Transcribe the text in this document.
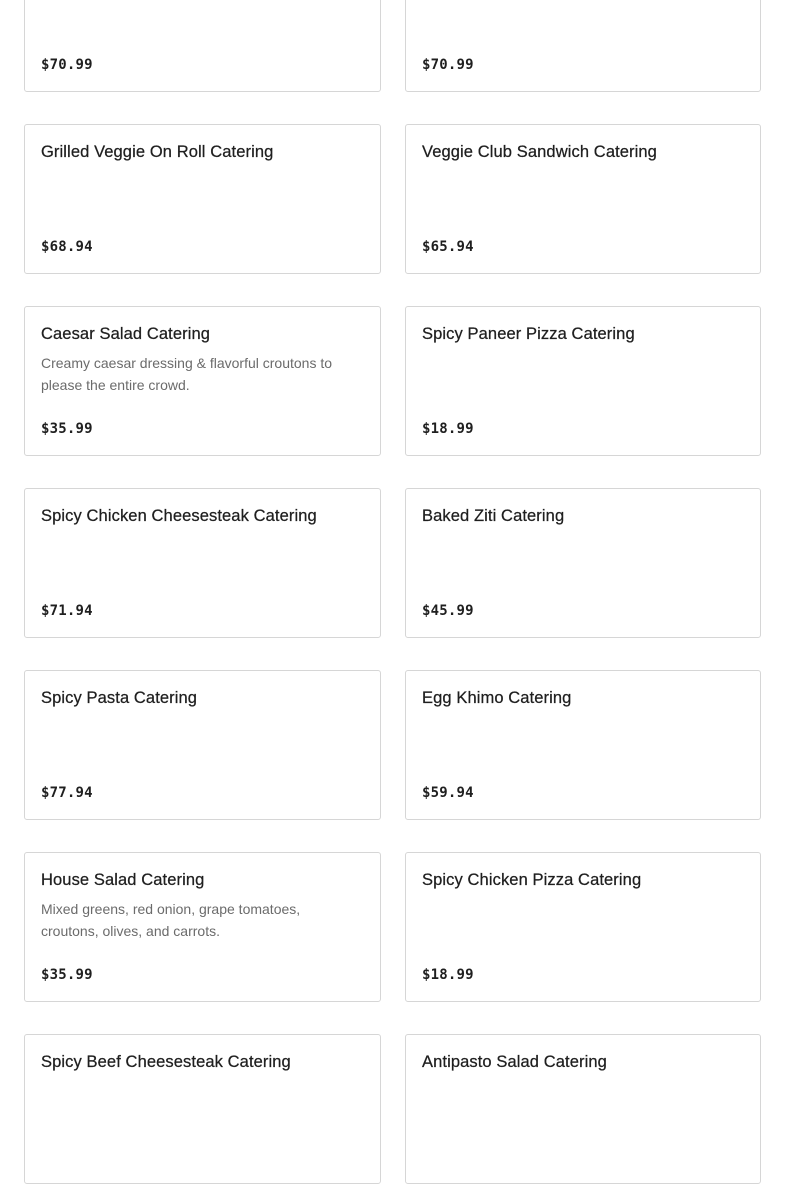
$70.99	$70.99
Grilled Veggie On Roll Catering
$68.94
Veggie Club Sandwich Catering
$65.94
Caesar Salad Catering
Creamy caesar dressing & flavorful croutons to please the entire crowd.
$35.99
Spicy Paneer Pizza Catering
$18.99
Spicy Chicken Cheesesteak Catering
$71.94
Baked Ziti Catering
$45.99
Spicy Pasta Catering
$77.94
Egg Khimo Catering
$59.94
House Salad Catering
Mixed greens, red onion, grape tomatoes, croutons, olives, and carrots.
$35.99
Spicy Chicken Pizza Catering
$18.99
Spicy Beef Cheesesteak Catering	Antipasto Salad Catering
